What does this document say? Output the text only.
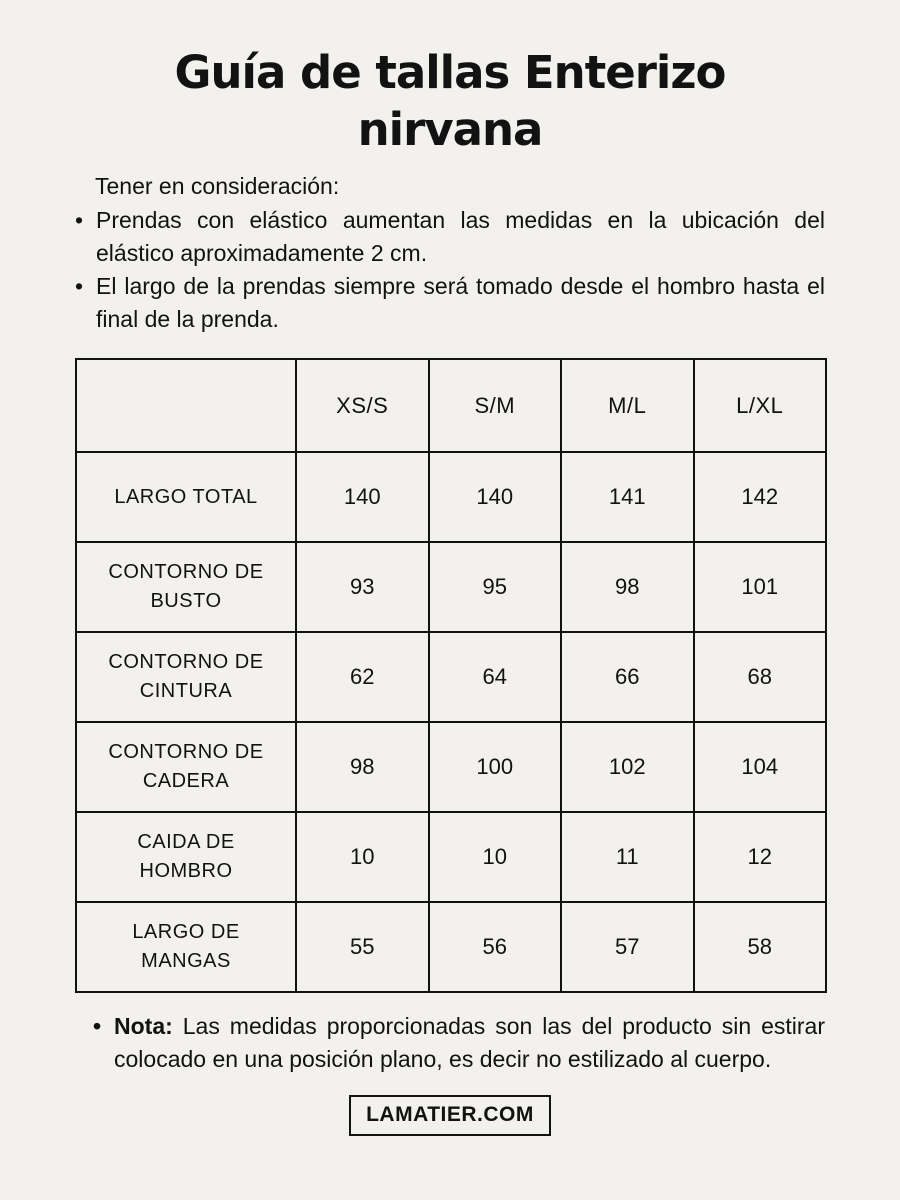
Guía de tallas Enterizo
nirvana

Tener en consideración:

•

Prendas con elástico aumentan las medidas en la ubicación del elástico aproximadamente 2 cm.

•

El largo de la prendas siempre será tomado desde el hombro hasta el final de la prenda.

	XS/S	S/M	M/L	L/XL
LARGO TOTAL	140	140	141	142
CONTORNO DE BUSTO	93	95	98	101
CONTORNO DE CINTURA	62	64	66	68
CONTORNO DE CADERA	98	100	102	104
CAIDA DE HOMBRO	10	10	11	12
LARGO DE MANGAS	55	56	57	58
•

Nota: Las medidas proporcionadas son las del producto sin estirar colocado en una posición plano, es decir no estilizado al cuerpo.

LAMATIER.COM
